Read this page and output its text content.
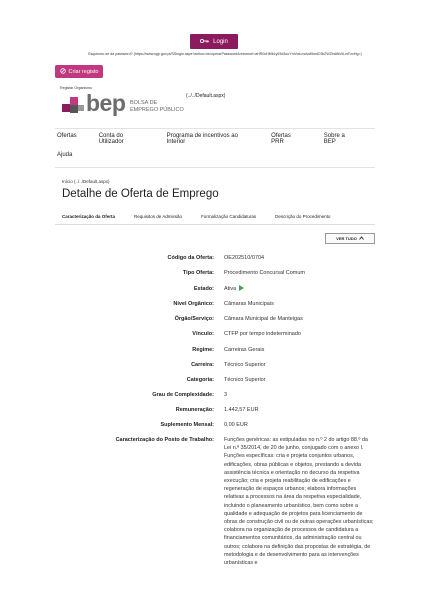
Login
Esqueceu-se da password? (https://www.sgp.gov.pt/SSlogin.aspx?action=recuperarPassword&returnurl=aHR0cHM6Ly93d3cuYmVwLmdvdi5wdC9kZWZhdWx0LmFzcHg=)
Criar registo
Registar Organismo
bep BOLSA DE
EMPREGO PÚBLICO
(../../Default.aspx)
Ofertas	Conta do Utilizador
Programa de incentivos ao Interior
Ofertas PRR
Sobre a BEP
Ajuda
Início (../../Default.aspx)
Detalhe de Oferta de Emprego
Caracterização da Oferta	Requisitos de Admissão	Formalização Candidaturas	Descrição do Procedimento
VER TUDO
Código da Oferta: OE202510/0704
Tipo Oferta: Procedimento Concursal Comum
Estado: Ativa
Nível Orgânico: Câmaras Municipais
Órgão/Serviço: Câmara Municipal de Manteigas
Vínculo: CTFP por tempo indeterminado
Regime: Carreiras Gerais
Carreira: Técnico Superior
Categoria: Técnico Superior
Grau de Complexidade: 3
Remuneração: 1.442,57 EUR
Suplemento Mensal: 0,00 EUR
Caracterização do Posto de Trabalho: Funções genéricas: as estipuladas no n.º 2 do artigo 88.º da Lei n.º 35/2014, de 20 de junho, conjugado com o anexo I.

Funções específicas: cria e projeta conjuntos urbanos, edificações, obras públicas e objetos, prestando a devida assistência técnica e orientação no decurso da respetiva execução; cria e projeta reabilitação de edificações e regeneração de espaços urbanos; elabora informações relativas a processos na área da respetiva especialidade, incluindo o planeamento urbanístico, bem como sobre a qualidade e adequação de projetos para licenciamento de obras de construção civil ou de outras operações urbanísticas; colabora na organização de processos de candidatura a financiamentos comunitários, da administração central ou outros; colabora na definição das propostas de estratégia, de metodologia e de desenvolvimento para as intervenções urbanísticas e
